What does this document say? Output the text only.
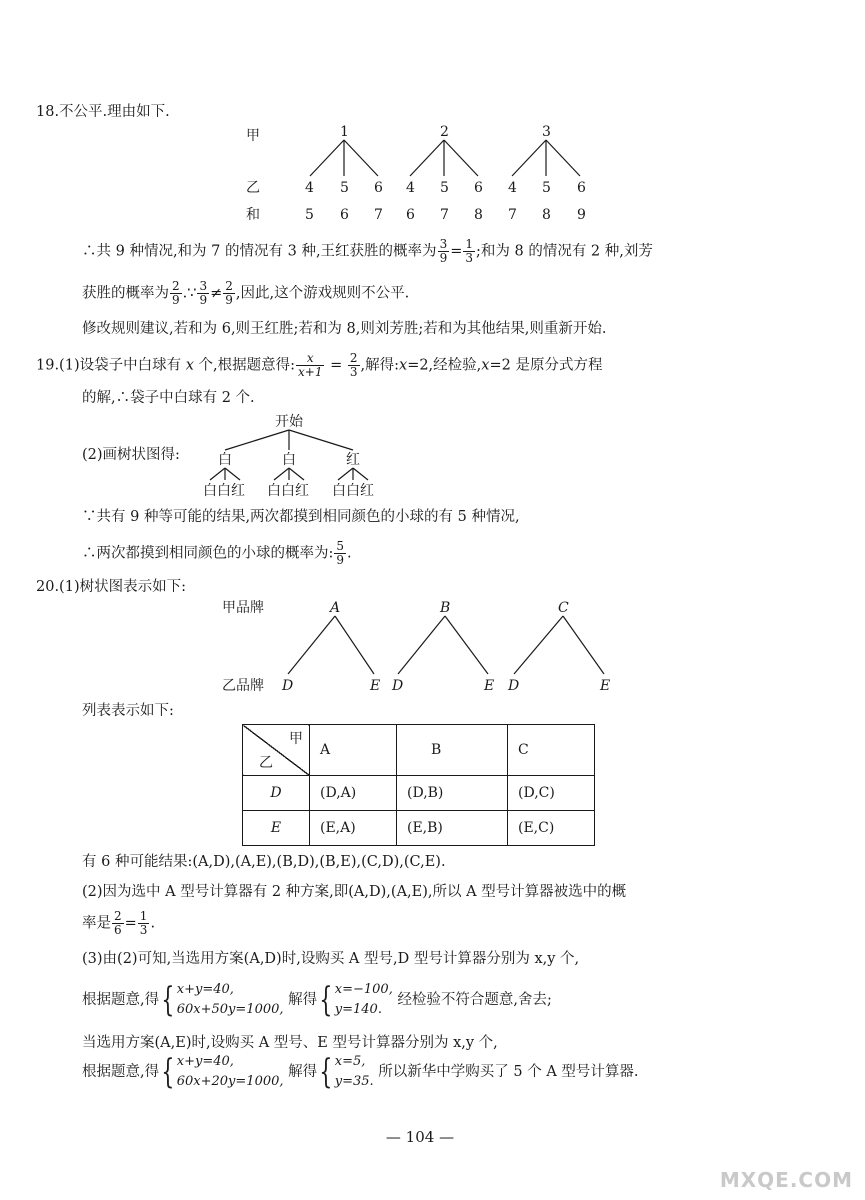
18.不公平.理由如下.
甲
乙
和
1
4 5 6
5 6 7
2
4 5 6
6 7 8
3
4 5 6
7 8 9
∴共 9 种情况,和为 7 的情况有 3 种,王红获胜的概率为 $\frac{3}{9} = \frac{1}{3}$ ;和为 8 的情况有 2 种,刘芳
获胜的概率为 $\frac{2}{9}$ .∵ $\frac{3}{9} \ne \frac{2}{9}$ ,因此,这个游戏规则不公平.
修改规则建议,若和为 6,则王红胜;若和为 8,则刘芳胜;若和为其他结果,则重新开始.
19.(1)设袋子中白球有 x 个,根据题意得: $\frac{x}{x+1} = \frac{2}{3}$ ,解得:x=2,经检验,x=2 是原分式方程
的解,∴袋子中白球有 2 个.
开始
白	白	红
白白红 白白红 白白红
(2)画树状图得:
∵共有 9 种等可能的结果,两次都摸到相同颜色的小球的有 5 种情况,
∴两次都摸到相同颜色的小球的概率为: $\frac{5}{9}$ .
20.(1)树状图表示如下:
甲品牌
乙品牌
A
D	E
B
D	E
C
D	E
列表表示如下:
甲
乙	A	B	C
D	(D,A)	(D,B)	(D,C)
E	(E,A)	(E,B)	(E,C)
有 6 种可能结果:(A,D),(A,E),(B,D),(B,E),(C,D),(C,E).
(2)因为选中 A 型号计算器有 2 种方案,即(A,D),(A,E),所以 A 型号计算器被选中的概
率是 $\frac{2}{6} = \frac{1}{3}$ .
(3)由(2)可知,当选用方案(A,D)时,设购买 A 型号,D 型号计算器分别为 x,y 个,
根据题意,得{ x+y=40,
60x+50y=1000,
解得{ x=−100,
y=140.
经检验不符合题意,舍去;
当选用方案(A,E)时,设购买 A 型号、E 型号计算器分别为 x,y 个,
根据题意,得{ x+y=40,
60x+20y=1000,
解得{ x=5,
y=35.
所以新华中学购买了 5 个 A 型号计算器.
— 104 —
MXQE.COM
